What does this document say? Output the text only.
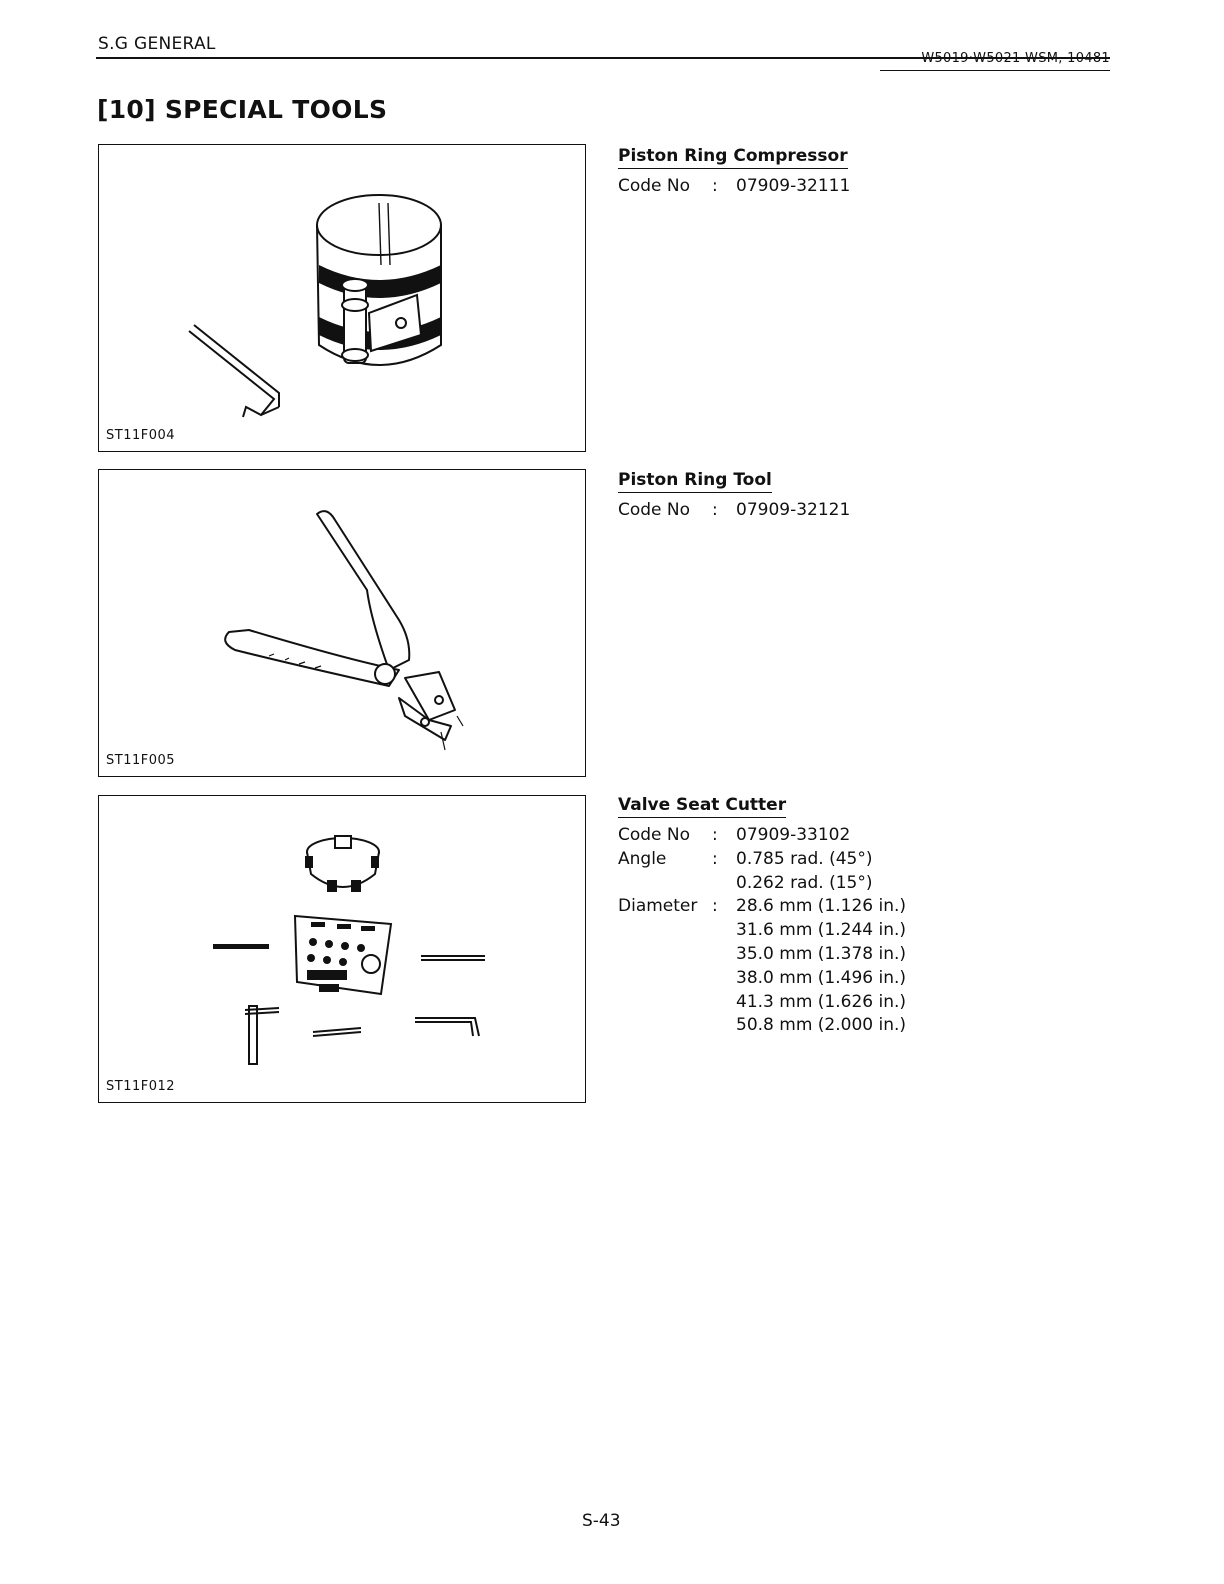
S.G GENERAL
[10] SPECIAL TOOLS
ST11F004
ST11F005
ST11F012
Piston Ring Compressor
Code No	:	07909-32111
Piston Ring Tool
Code No	:	07909-32121
Valve Seat Cutter
Code No	:	07909-33102
Angle	:	0.785 rad. (45°)
0.262 rad. (15°)
Diameter :	28.6 mm (1.126 in.)
31.6 mm (1.244 in.)
35.0 mm (1.378 in.)
38.0 mm (1.496 in.)
41.3 mm (1.626 in.)
50.8 mm (2.000 in.)
S-43
